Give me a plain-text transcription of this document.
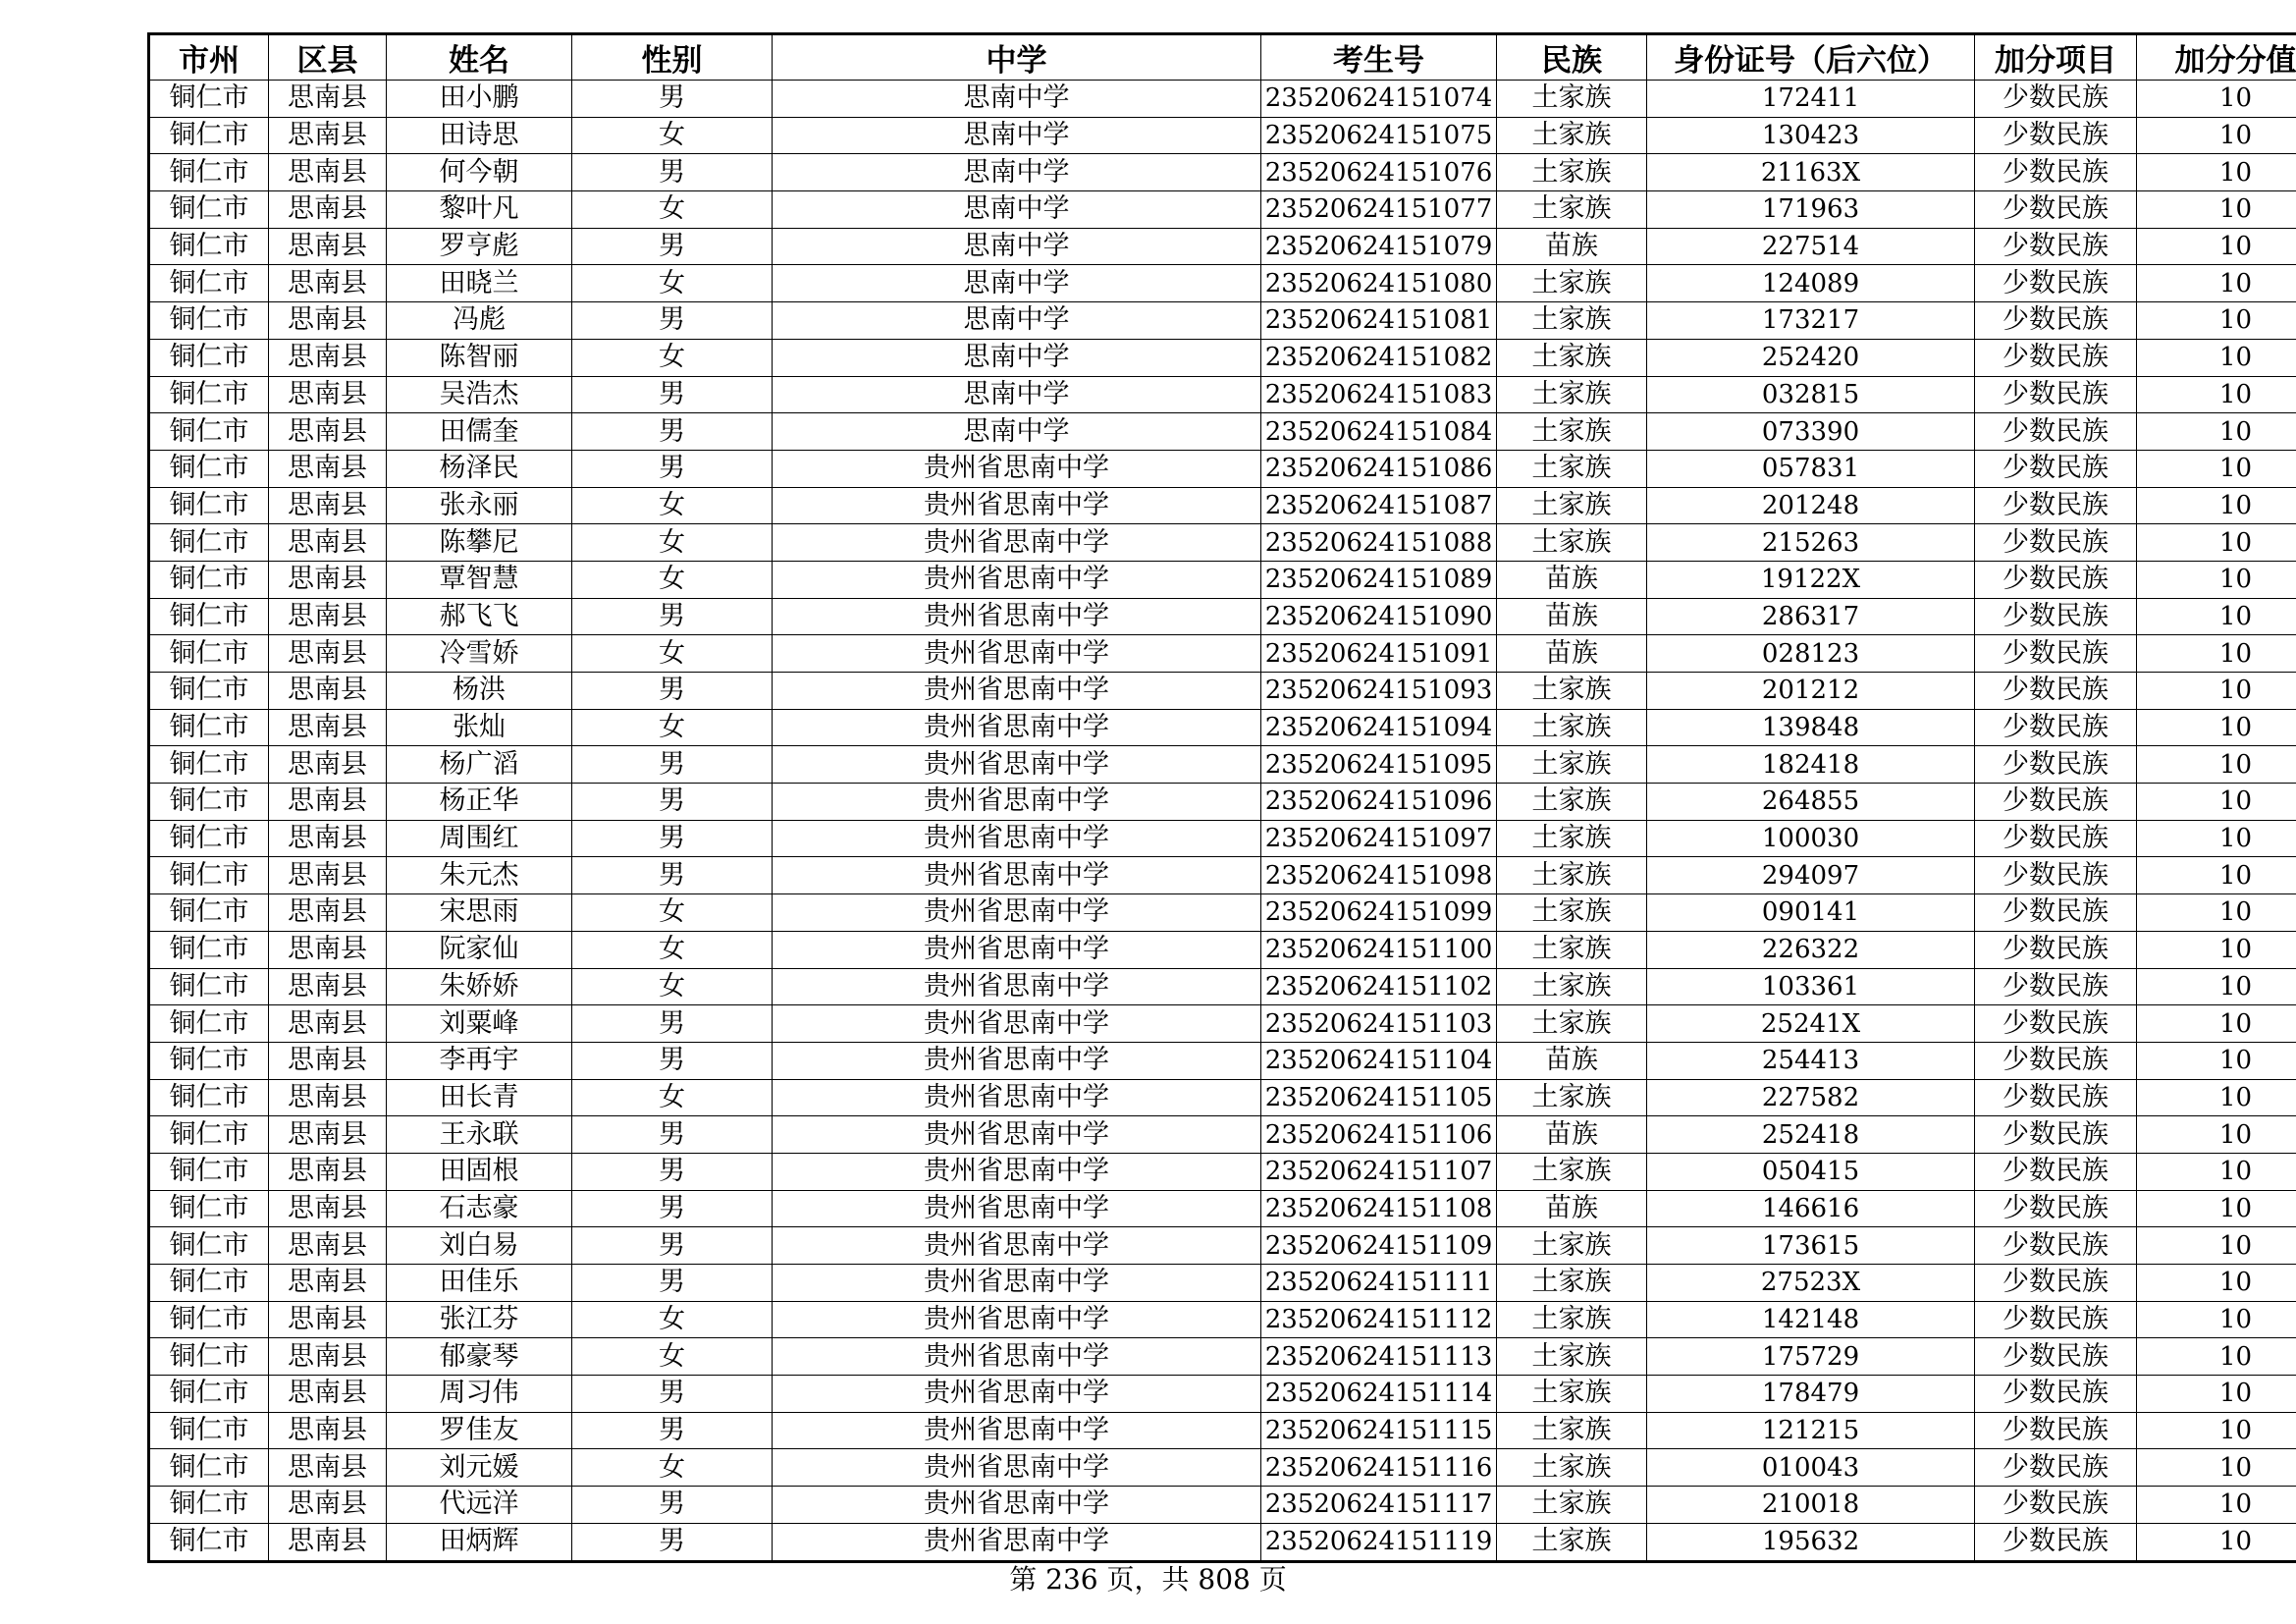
市州	区县	姓名	性别	中学	考生号	民族	身份证号（后六位）	加分项目	加分分值
铜仁市	思南县	田小鹏	男	思南中学	23520624151074	土家族	172411	少数民族	10
铜仁市	思南县	田诗思	女	思南中学	23520624151075	土家族	130423	少数民族	10
铜仁市	思南县	何今朝	男	思南中学	23520624151076	土家族	21163X	少数民族	10
铜仁市	思南县	黎叶凡	女	思南中学	23520624151077	土家族	171963	少数民族	10
铜仁市	思南县	罗亨彪	男	思南中学	23520624151079	苗族	227514	少数民族	10
铜仁市	思南县	田晓兰	女	思南中学	23520624151080	土家族	124089	少数民族	10
铜仁市	思南县	冯彪	男	思南中学	23520624151081	土家族	173217	少数民族	10
铜仁市	思南县	陈智丽	女	思南中学	23520624151082	土家族	252420	少数民族	10
铜仁市	思南县	吴浩杰	男	思南中学	23520624151083	土家族	032815	少数民族	10
铜仁市	思南县	田儒奎	男	思南中学	23520624151084	土家族	073390	少数民族	10
铜仁市	思南县	杨泽民	男	贵州省思南中学	23520624151086	土家族	057831	少数民族	10
铜仁市	思南县	张永丽	女	贵州省思南中学	23520624151087	土家族	201248	少数民族	10
铜仁市	思南县	陈攀尼	女	贵州省思南中学	23520624151088	土家族	215263	少数民族	10
铜仁市	思南县	覃智慧	女	贵州省思南中学	23520624151089	苗族	19122X	少数民族	10
铜仁市	思南县	郝飞飞	男	贵州省思南中学	23520624151090	苗族	286317	少数民族	10
铜仁市	思南县	冷雪娇	女	贵州省思南中学	23520624151091	苗族	028123	少数民族	10
铜仁市	思南县	杨洪	男	贵州省思南中学	23520624151093	土家族	201212	少数民族	10
铜仁市	思南县	张灿	女	贵州省思南中学	23520624151094	土家族	139848	少数民族	10
铜仁市	思南县	杨广滔	男	贵州省思南中学	23520624151095	土家族	182418	少数民族	10
铜仁市	思南县	杨正华	男	贵州省思南中学	23520624151096	土家族	264855	少数民族	10
铜仁市	思南县	周围红	男	贵州省思南中学	23520624151097	土家族	100030	少数民族	10
铜仁市	思南县	朱元杰	男	贵州省思南中学	23520624151098	土家族	294097	少数民族	10
铜仁市	思南县	宋思雨	女	贵州省思南中学	23520624151099	土家族	090141	少数民族	10
铜仁市	思南县	阮家仙	女	贵州省思南中学	23520624151100	土家族	226322	少数民族	10
铜仁市	思南县	朱娇娇	女	贵州省思南中学	23520624151102	土家族	103361	少数民族	10
铜仁市	思南县	刘粟峰	男	贵州省思南中学	23520624151103	土家族	25241X	少数民族	10
铜仁市	思南县	李再宇	男	贵州省思南中学	23520624151104	苗族	254413	少数民族	10
铜仁市	思南县	田长青	女	贵州省思南中学	23520624151105	土家族	227582	少数民族	10
铜仁市	思南县	王永联	男	贵州省思南中学	23520624151106	苗族	252418	少数民族	10
铜仁市	思南县	田固根	男	贵州省思南中学	23520624151107	土家族	050415	少数民族	10
铜仁市	思南县	石志豪	男	贵州省思南中学	23520624151108	苗族	146616	少数民族	10
铜仁市	思南县	刘白易	男	贵州省思南中学	23520624151109	土家族	173615	少数民族	10
铜仁市	思南县	田佳乐	男	贵州省思南中学	23520624151111	土家族	27523X	少数民族	10
铜仁市	思南县	张江芬	女	贵州省思南中学	23520624151112	土家族	142148	少数民族	10
铜仁市	思南县	郁豪琴	女	贵州省思南中学	23520624151113	土家族	175729	少数民族	10
铜仁市	思南县	周习伟	男	贵州省思南中学	23520624151114	土家族	178479	少数民族	10
铜仁市	思南县	罗佳友	男	贵州省思南中学	23520624151115	土家族	121215	少数民族	10
铜仁市	思南县	刘元媛	女	贵州省思南中学	23520624151116	土家族	010043	少数民族	10
铜仁市	思南县	代远洋	男	贵州省思南中学	23520624151117	土家族	210018	少数民族	10
铜仁市	思南县	田炳辉	男	贵州省思南中学	23520624151119	土家族	195632	少数民族	10
第 236 页，共 808 页
